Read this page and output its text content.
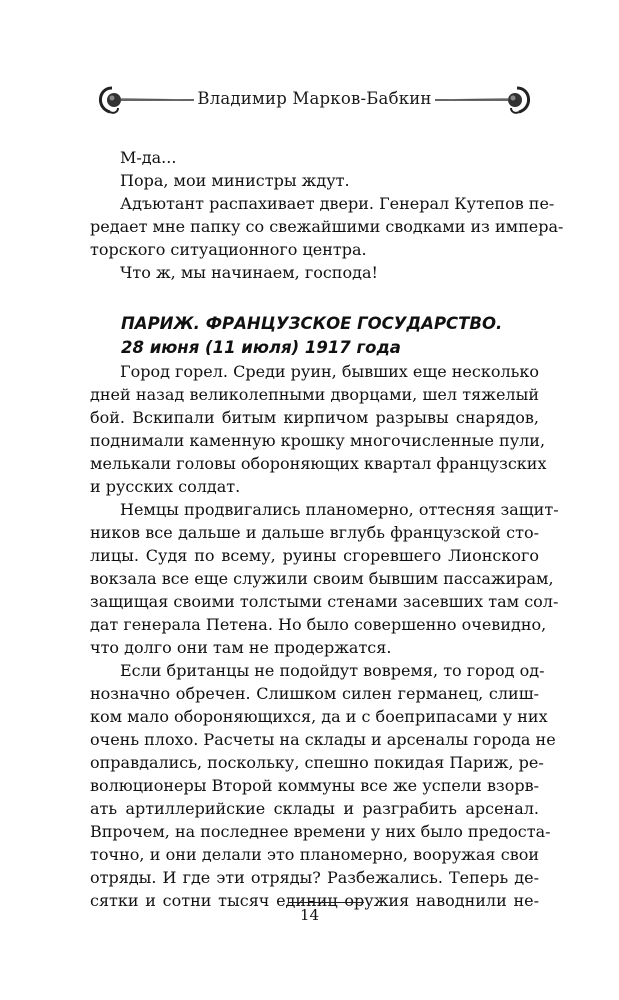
Владимир Марков-Бабкин
М-да...
Пора, мои министры ждут.
Адъютант распахивает двери. Генерал Кутепов пе-
редает мне папку со свежайшими сводками из импера-
торского ситуационного центра.
Что ж, мы начинаем, господа!
ПАРИЖ. ФРАНЦУЗСКОЕ ГОСУДАРСТВО.
28 июня (11 июля) 1917 года
Город горел. Среди руин, бывших еще несколько
дней назад великолепными дворцами, шел тяжелый
бой. Вскипали битым кирпичом разрывы снарядов,
поднимали каменную крошку многочисленные пули,
мелькали головы обороняющих квартал французских
и русских солдат.
Немцы продвигались планомерно, оттесняя защит-
ников все дальше и дальше вглубь французской сто-
лицы. Судя по всему, руины сгоревшего Лионского
вокзала все еще служили своим бывшим пассажирам,
защищая своими толстыми стенами засевших там сол-
дат генерала Петена. Но было совершенно очевидно,
что долго они там не продержатся.
Если британцы не подойдут вовремя, то город од-
нозначно обречен. Слишком силен германец, слиш-
ком мало обороняющихся, да и с боеприпасами у них
очень плохо. Расчеты на склады и арсеналы города не
оправдались, поскольку, спешно покидая Париж, ре-
волюционеры Второй коммуны все же успели взорв-
ать артиллерийские склады и разграбить арсенал.
Впрочем, на последнее времени у них было предоста-
точно, и они делали это планомерно, вооружая свои
отряды. И где эти отряды? Разбежались. Теперь де-
сятки и сотни тысяч единиц оружия наводнили не-
14
